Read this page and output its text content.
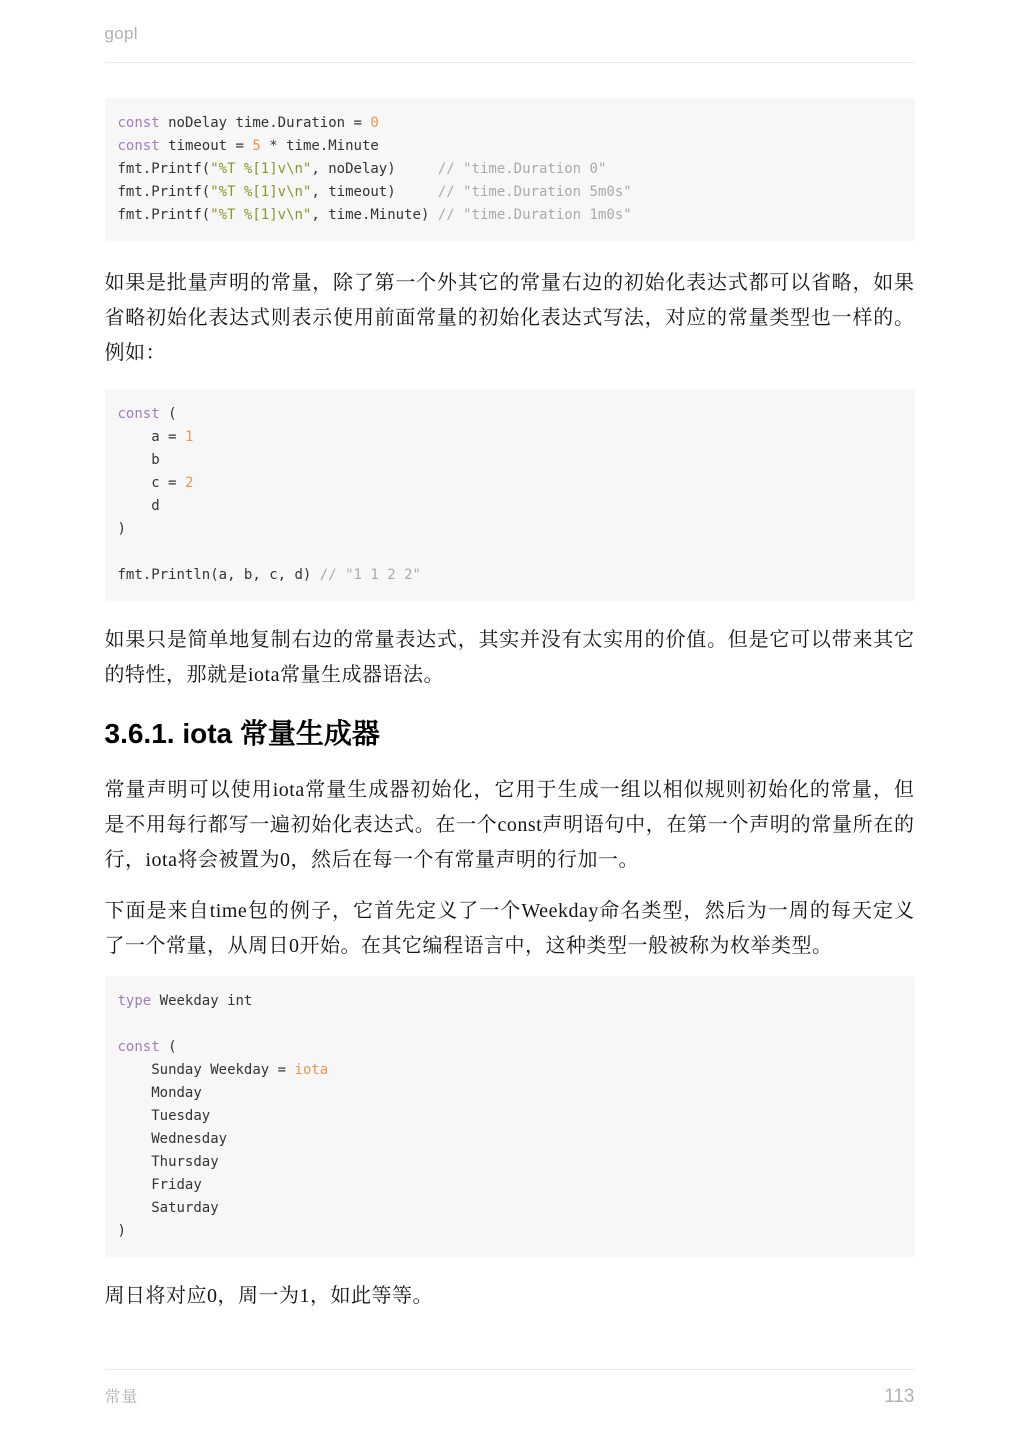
gopl
const noDelay time.Duration = 0
const timeout = 5 * time.Minute
fmt.Printf("%T %[1]v\n", noDelay)     // "time.Duration 0"
fmt.Printf("%T %[1]v\n", timeout)     // "time.Duration 5m0s"
fmt.Printf("%T %[1]v\n", time.Minute) // "time.Duration 1m0s"

如果是批量声明的常量，除了第一个外其它的常量右边的初始化表达式都可以省略，如果省略初始化表达式则表示使用前面常量的初始化表达式写法，对应的常量类型也一样的。例如：

const (
a = 1
b
c = 2
d
)

fmt.Println(a, b, c, d) // "1 1 2 2"

如果只是简单地复制右边的常量表达式，其实并没有太实用的价值。但是它可以带来其它的特性，那就是iota常量生成器语法。

3.6.1. iota 常量生成器

常量声明可以使用iota常量生成器初始化，它用于生成一组以相似规则初始化的常量，但是不用每行都写一遍初始化表达式。在一个const声明语句中，在第一个声明的常量所在的行，iota将会被置为0，然后在每一个有常量声明的行加一。

下面是来自time包的例子，它首先定义了一个Weekday命名类型，然后为一周的每天定义了一个常量，从周日0开始。在其它编程语言中，这种类型一般被称为枚举类型。

type Weekday int

const (
Sunday Weekday = iota
Monday
Tuesday
Wednesday
Thursday
Friday
Saturday
)

周日将对应0，周一为1，如此等等。

常量	113
